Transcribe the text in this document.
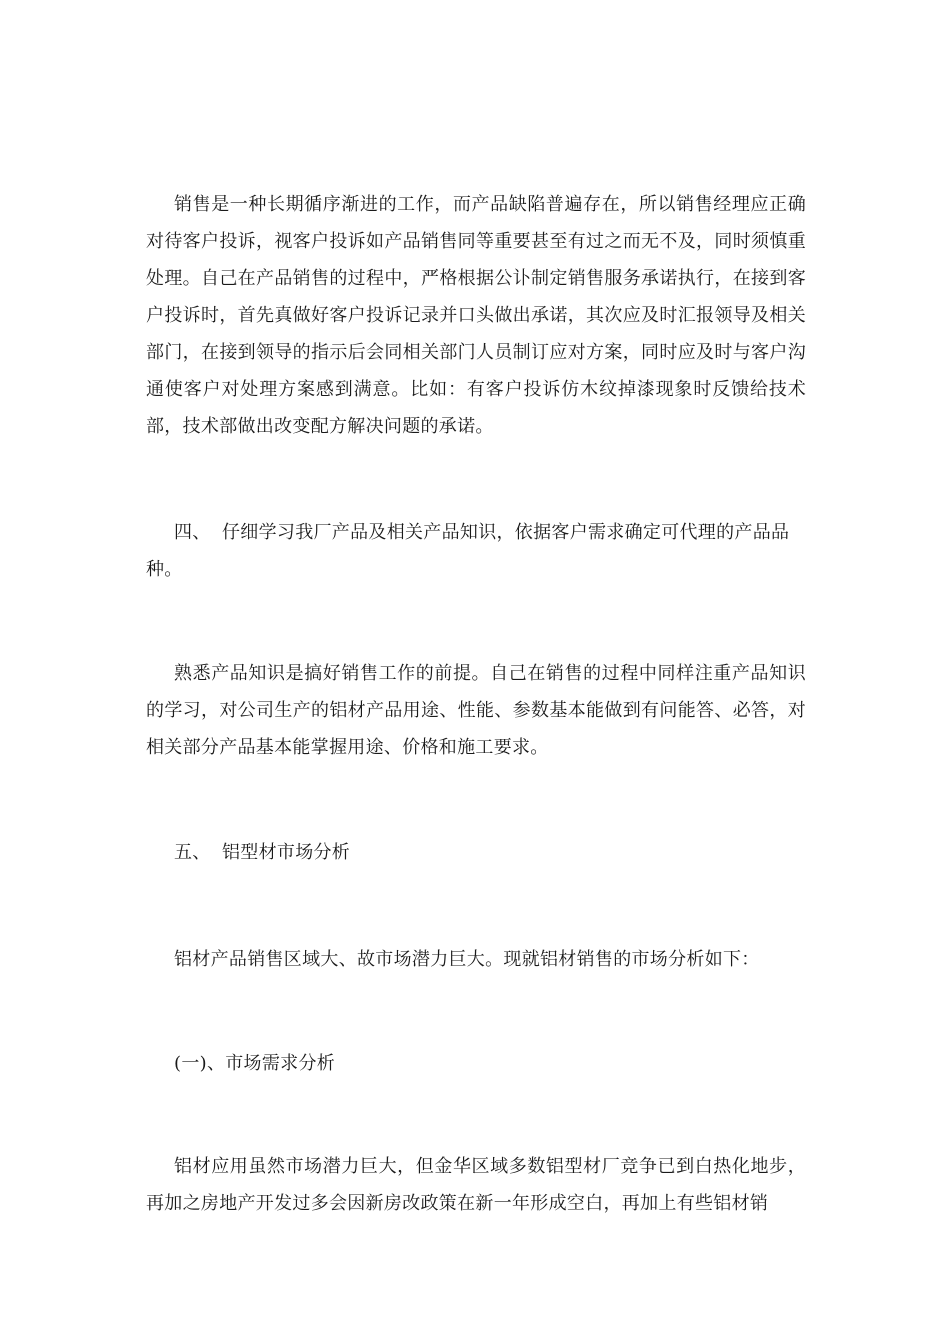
销售是一种长期循序渐进的工作，而产品缺陷普遍存在，所以销售经理应正确对待客户投诉，视客户投诉如产品销售同等重要甚至有过之而无不及，同时须慎重处理。自己在产品销售的过程中，严格根据公讣制定销售服务承诺执行，在接到客户投诉时，首先真做好客户投诉记录并口头做出承诺，其次应及时汇报领导及相关部门，在接到领导的指示后会同相关部门人员制订应对方案，同时应及时与客户沟通使客户对处理方案感到满意。比如：有客户投诉仿木纹掉漆现象时反馈给技术部，技术部做出改变配方解决问题的承诺。

四、 仔细学习我厂产品及相关产品知识，依据客户需求确定可代理的产品品种。

熟悉产品知识是搞好销售工作的前提。自己在销售的过程中同样注重产品知识的学习，对公司生产的铝材产品用途、性能、参数基本能做到有问能答、必答，对相关部分产品基本能掌握用途、价格和施工要求。

五、 铝型材市场分析

铝材产品销售区域大、故市场潜力巨大。现就铝材销售的市场分析如下：

(一)、市场需求分析

铝材应用虽然市场潜力巨大，但金华区域多数铝型材厂竞争已到白热化地步，再加之房地产开发过多会因新房改政策在新一年形成空白，再加上有些铝材销
